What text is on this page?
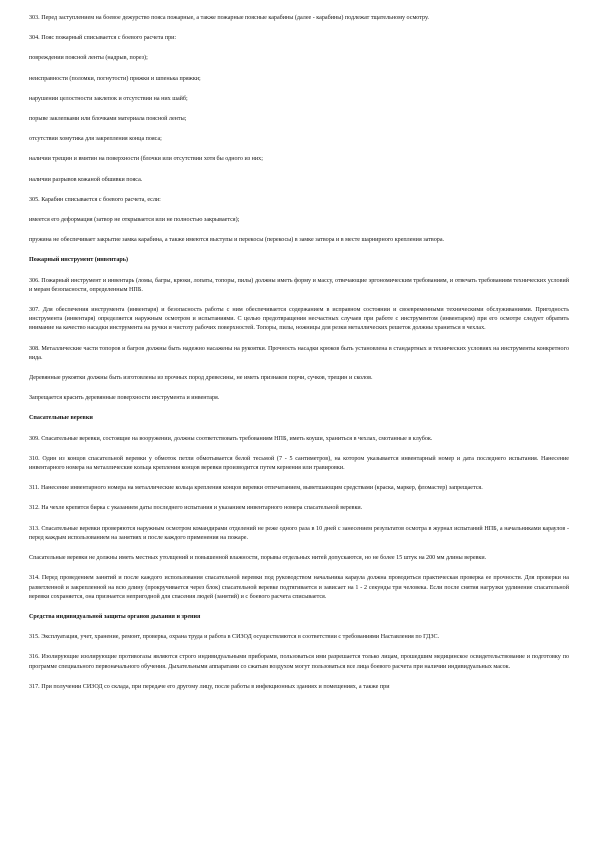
303. Перед заступлением на боевое дежурство пояса пожарные, а также пожарные поясные карабины (далее - карабины) подлежат тщательному осмотру.

304. Пояс пожарный списывается с боевого расчета при:

повреждении поясной ленты (надрыв, порез);

неисправности (поломки, погнутости) пряжки и шпенька пряжки;

нарушении целостности заклепок и отсутствии на них шайб;

порыве заклепками или блочками материала поясной ленты;

отсутствии хомутика для закрепления конца пояса;

наличии трещин и вмятин на поверхности (блочки или отсутствии хотя бы одного из них;

наличии разрывов кожаной обшивки пояса.

305. Карабин списывается с боевого расчета, если:

имеется его деформация (затвор не открывается или не полностью закрывается);

пружина не обеспечивает закрытие замка карабина, а также имеются выступы и перекосы (перекосы) в замке затвора и в месте шарнирного крепления затвора.

Пожарный инструмент (инвентарь)

306. Пожарный инструмент и инвентарь (ломы, багры, крюки, лопаты, топоры, пилы) должны иметь форму и массу, отвечающие эргономическим требованиям, и отвечать требованиям технических условий и мерам безопасности, определенным НПБ.

307. Для обеспечения инструмента (инвентаря) и безопасность работы с ним обеспечивается содержанием в исправном состоянии и своевременными техническими обслуживаниями. Пригодность инструмента (инвентаря) определяется наружным осмотром и испытаниями. С целью предотвращения несчастных случаев при работе с инструментом (инвентарем) при его осмотре следует обратить внимание на качество насадки инструмента на ручки и чистоту рабочих поверхностей. Топоры, пилы, ножницы для резки металлических решеток должны храниться в чехлах.

308. Металлические части топоров и багров должны быть надежно насажены на рукоятки. Прочность насадки крюков быть установлена в стандартных и технических условиях на инструменты конкретного вида.

Деревянные рукоятки должны быть изготовлены из прочных пород древесины, не иметь признаков порчи, сучков, трещин и сколов.

Запрещается красить деревянные поверхности инструмента и инвентаря.

Спасательные веревки

309. Спасательные веревки, состоящие на вооружении, должны соответствовать требованиям НПБ, иметь коуши, храниться в чехлах, смотанные в клубок.

310. Один из концов спасательной веревки у обмоток петли обмотывается белой тесьмой (7 - 5 сантиметров), на котором указывается инвентарный номер и дата последнего испытания. Нанесение инвентарного номера на металлические кольца крепления концов веревки производится путем кернения или гравировки.

311. Нанесение инвентарного номера на металлические кольца крепления концов веревки отпечатанием, выветшающим средствами (краска, маркер, фломастер) запрещается.

312. На чехле крепятся бирка с указанием даты последнего испытания и указанием инвентарного номера спасательной веревки.

313. Спасательные веревки проверяются наружным осмотром командирами отделений не реже одного раза в 10 дней с занесением результатов осмотра в журнал испытаний НПБ, а начальниками караулов - перед каждым использованием на занятиях и после каждого применения на пожаре.

Спасательные веревки не должны иметь местных утолщений и повышенной влажности, порывы отдельных нитей допускаются, но не более 15 штук на 200 мм длины веревки.

314. Перед проведением занятий и после каждого использования спасательной веревки под руководством начальника караула должна проводиться практическая проверка ее прочности. Для проверки на разветленной и закрепленной на всю длину (прокручивается через блок) спасательной веревке подтягивается и зависает на 1 - 2 секунды три человека. Если после снятия нагрузки удлинение спасательной веревки сохраняется, она признается непригодной для спасения людей (занятий) и с боевого расчета списывается.

Средства индивидуальной защиты органов дыхания и зрения

315. Эксплуатация, учет, хранение, ремонт, проверка, охрана труда и работа в СИЗОД осуществляются в соответствии с требованиями Наставления по ГДЗС.

316. Изолирующие изолирующие противогазы являются строго индивидуальными приборами, пользоваться ими разрешается только лицам, прошедшим медицинское освидетельствование и подготовку по программе специального первоначального обучения. Дыхательными аппаратами со сжатым воздухом могут пользоваться все лица боевого расчета при наличии индивидуальных масок.

317. При получении СИЗОД со склада, при передаче его другому лицу, после работы в инфекционных зданиях и помещениях, а также при
